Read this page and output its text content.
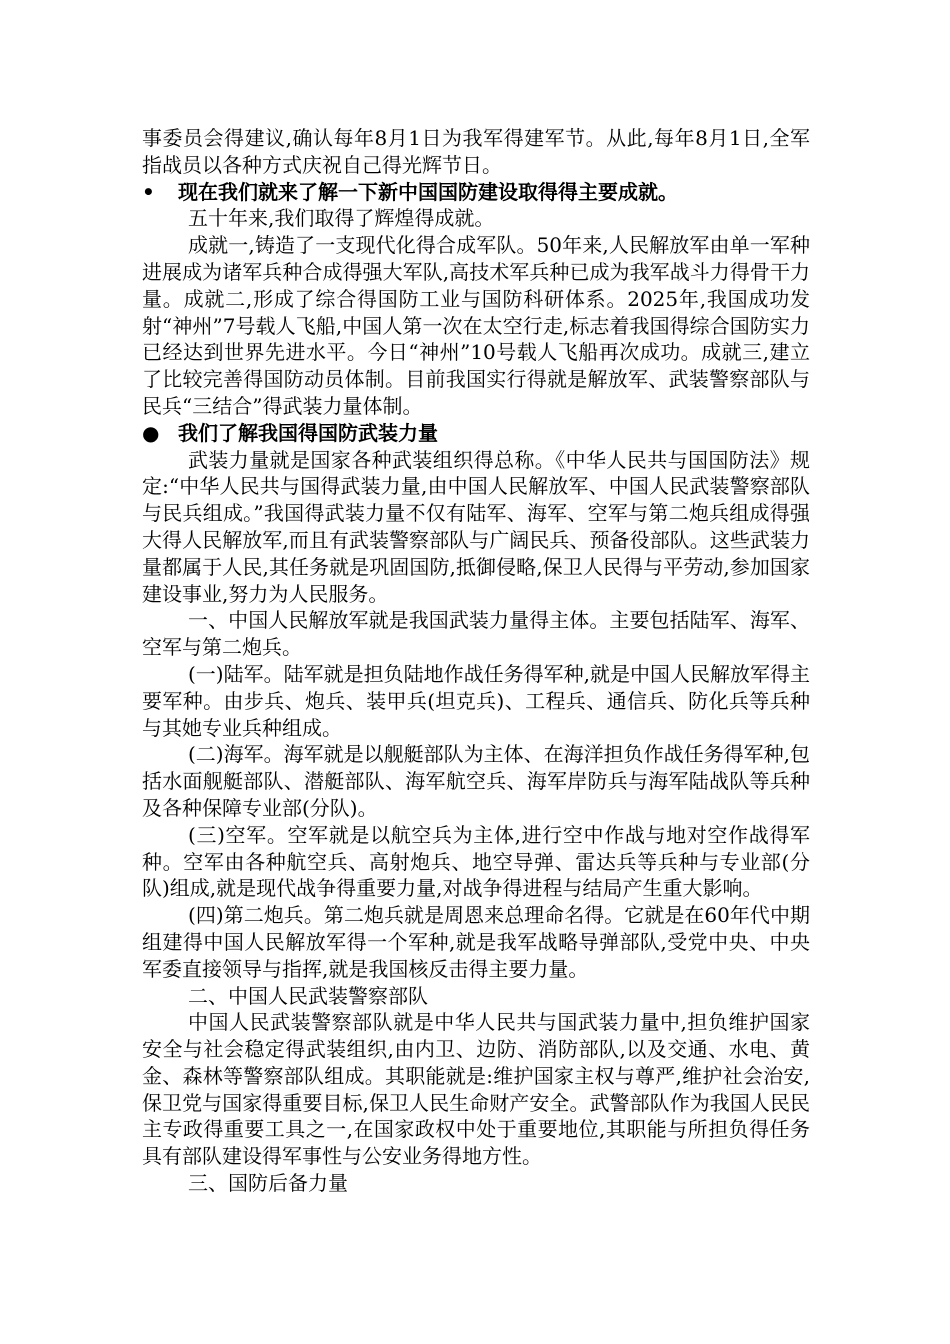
事委员会得建议,确认每年8月1日为我军得建军节。从此,每年8月1日,全军指战员以各种方式庆祝自己得光辉节日。

•	现在我们就来了解一下新中国国防建设取得得主要成就。

五十年来,我们取得了辉煌得成就。

成就一,铸造了一支现代化得合成军队。50年来,人民解放军由单一军种进展成为诸军兵种合成得强大军队,高技术军兵种已成为我军战斗力得骨干力量。成就二,形成了综合得国防工业与国防科研体系。2025年,我国成功发射“神州”7号载人飞船,中国人第一次在太空行走,标志着我国得综合国防实力已经达到世界先进水平。今日“神州”10号载人飞船再次成功。成就三,建立了比较完善得国防动员体制。目前我国实行得就是解放军、武装警察部队与民兵“三结合”得武装力量体制。

● 我们了解我国得国防武装力量

武装力量就是国家各种武装组织得总称。《中华人民共与国国防法》规定:“中华人民共与国得武装力量,由中国人民解放军、中国人民武装警察部队与民兵组成。”我国得武装力量不仅有陆军、海军、空军与第二炮兵组成得强大得人民解放军,而且有武装警察部队与广阔民兵、预备役部队。这些武装力量都属于人民,其任务就是巩固国防,抵御侵略,保卫人民得与平劳动,参加国家建设事业,努力为人民服务。

一、中国人民解放军就是我国武装力量得主体。主要包括陆军、海军、空军与第二炮兵。

(一)陆军。陆军就是担负陆地作战任务得军种,就是中国人民解放军得主要军种。由步兵、炮兵、装甲兵(坦克兵)、工程兵、通信兵、防化兵等兵种与其她专业兵种组成。

(二)海军。海军就是以舰艇部队为主体、在海洋担负作战任务得军种,包括水面舰艇部队、潜艇部队、海军航空兵、海军岸防兵与海军陆战队等兵种及各种保障专业部(分队)。

(三)空军。空军就是以航空兵为主体,进行空中作战与地对空作战得军种。空军由各种航空兵、高射炮兵、地空导弹、雷达兵等兵种与专业部(分队)组成,就是现代战争得重要力量,对战争得进程与结局产生重大影响。

(四)第二炮兵。第二炮兵就是周恩来总理命名得。它就是在60年代中期组建得中国人民解放军得一个军种,就是我军战略导弹部队,受党中央、中央军委直接领导与指挥,就是我国核反击得主要力量。

二、中国人民武装警察部队

中国人民武装警察部队就是中华人民共与国武装力量中,担负维护国家安全与社会稳定得武装组织,由内卫、边防、消防部队,以及交通、水电、黄金、森林等警察部队组成。其职能就是:维护国家主权与尊严,维护社会治安,保卫党与国家得重要目标,保卫人民生命财产安全。武警部队作为我国人民民主专政得重要工具之一,在国家政权中处于重要地位,其职能与所担负得任务具有部队建设得军事性与公安业务得地方性。

三、国防后备力量
